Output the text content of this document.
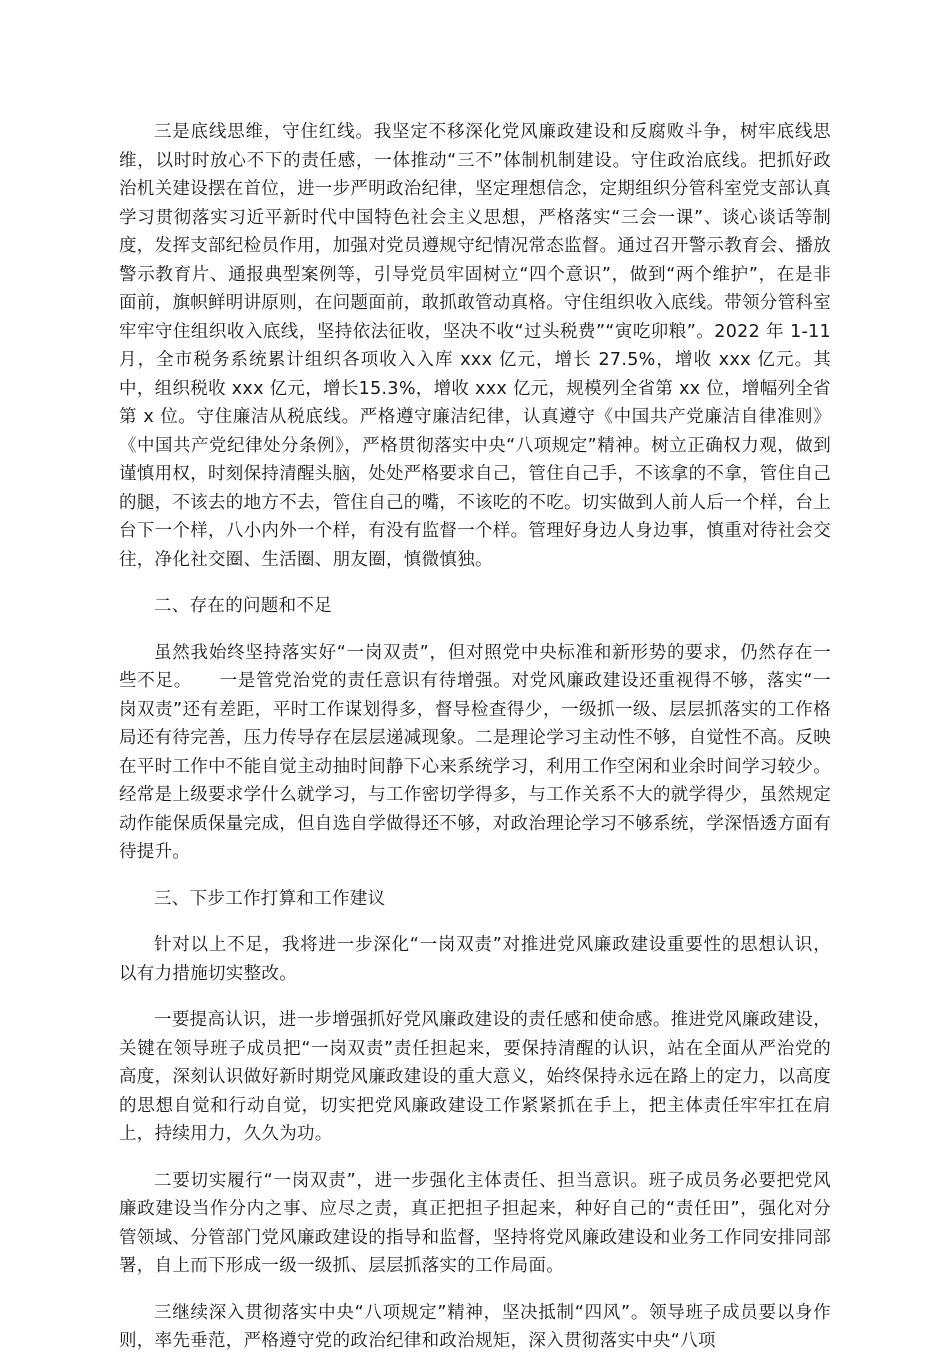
三是底线思维，守住红线。我坚定不移深化党风廉政建设和反腐败斗争，树牢底线思维，以时时放心不下的责任感，一体推动“三不”体制机制建设。守住政治底线。把抓好政治机关建设摆在首位，进一步严明政治纪律，坚定理想信念，定期组织分管科室党支部认真学习贯彻落实习近平新时代中国特色社会主义思想，严格落实“三会一课”、谈心谈话等制度，发挥支部纪检员作用，加强对党员遵规守纪情况常态监督。通过召开警示教育会、播放警示教育片、通报典型案例等，引导党员牢固树立“四个意识”，做到“两个维护”，在是非面前，旗帜鲜明讲原则，在问题面前，敢抓敢管动真格。守住组织收入底线。带领分管科室牢牢守住组织收入底线，坚持依法征收，坚决不收“过头税费”“寅吃卯粮”。2022 年 1-11 月，全市税务系统累计组织各项收入入库 xxx 亿元，增长 27.5%，增收 xxx 亿元。其中，组织税收 xxx 亿元，增长15.3%，增收 xxx 亿元，规模列全省第 xx 位，增幅列全省第 x 位。守住廉洁从税底线。严格遵守廉洁纪律，认真遵守《中国共产党廉洁自律准则》《中国共产党纪律处分条例》，严格贯彻落实中央“八项规定”精神。树立正确权力观，做到谨慎用权，时刻保持清醒头脑，处处严格要求自己，管住自己手，不该拿的不拿，管住自己的腿，不该去的地方不去，管住自己的嘴，不该吃的不吃。切实做到人前人后一个样，台上台下一个样，八小内外一个样，有没有监督一个样。管理好身边人身边事，慎重对待社会交往，净化社交圈、生活圈、朋友圈，慎微慎独。

二、存在的问题和不足

虽然我始终坚持落实好“一岗双责”，但对照党中央标准和新形势的要求，仍然存在一些不足。　　一是管党治党的责任意识有待增强。对党风廉政建设还重视得不够，落实“一岗双责”还有差距，平时工作谋划得多，督导检查得少，一级抓一级、层层抓落实的工作格局还有待完善，压力传导存在层层递减现象。二是理论学习主动性不够，自觉性不高。反映在平时工作中不能自觉主动抽时间静下心来系统学习，利用工作空闲和业余时间学习较少。经常是上级要求学什么就学习，与工作密切学得多，与工作关系不大的就学得少，虽然规定动作能保质保量完成，但自选自学做得还不够，对政治理论学习不够系统，学深悟透方面有待提升。

三、下步工作打算和工作建议

针对以上不足，我将进一步深化“一岗双责”对推进党风廉政建设重要性的思想认识，以有力措施切实整改。

一要提高认识，进一步增强抓好党风廉政建设的责任感和使命感。推进党风廉政建设，关键在领导班子成员把“一岗双责”责任担起来，要保持清醒的认识，站在全面从严治党的高度，深刻认识做好新时期党风廉政建设的重大意义，始终保持永远在路上的定力，以高度的思想自觉和行动自觉，切实把党风廉政建设工作紧紧抓在手上，把主体责任牢牢扛在肩上，持续用力，久久为功。

二要切实履行“一岗双责”，进一步强化主体责任、担当意识。班子成员务必要把党风廉政建设当作分内之事、应尽之责，真正把担子担起来，种好自己的“责任田”，强化对分管领域、分管部门党风廉政建设的指导和监督，坚持将党风廉政建设和业务工作同安排同部署，自上而下形成一级一级抓、层层抓落实的工作局面。

三继续深入贯彻落实中央“八项规定”精神，坚决抵制“四风”。领导班子成员要以身作则，率先垂范，严格遵守党的政治纪律和政治规矩，深入贯彻落实中央“八项
